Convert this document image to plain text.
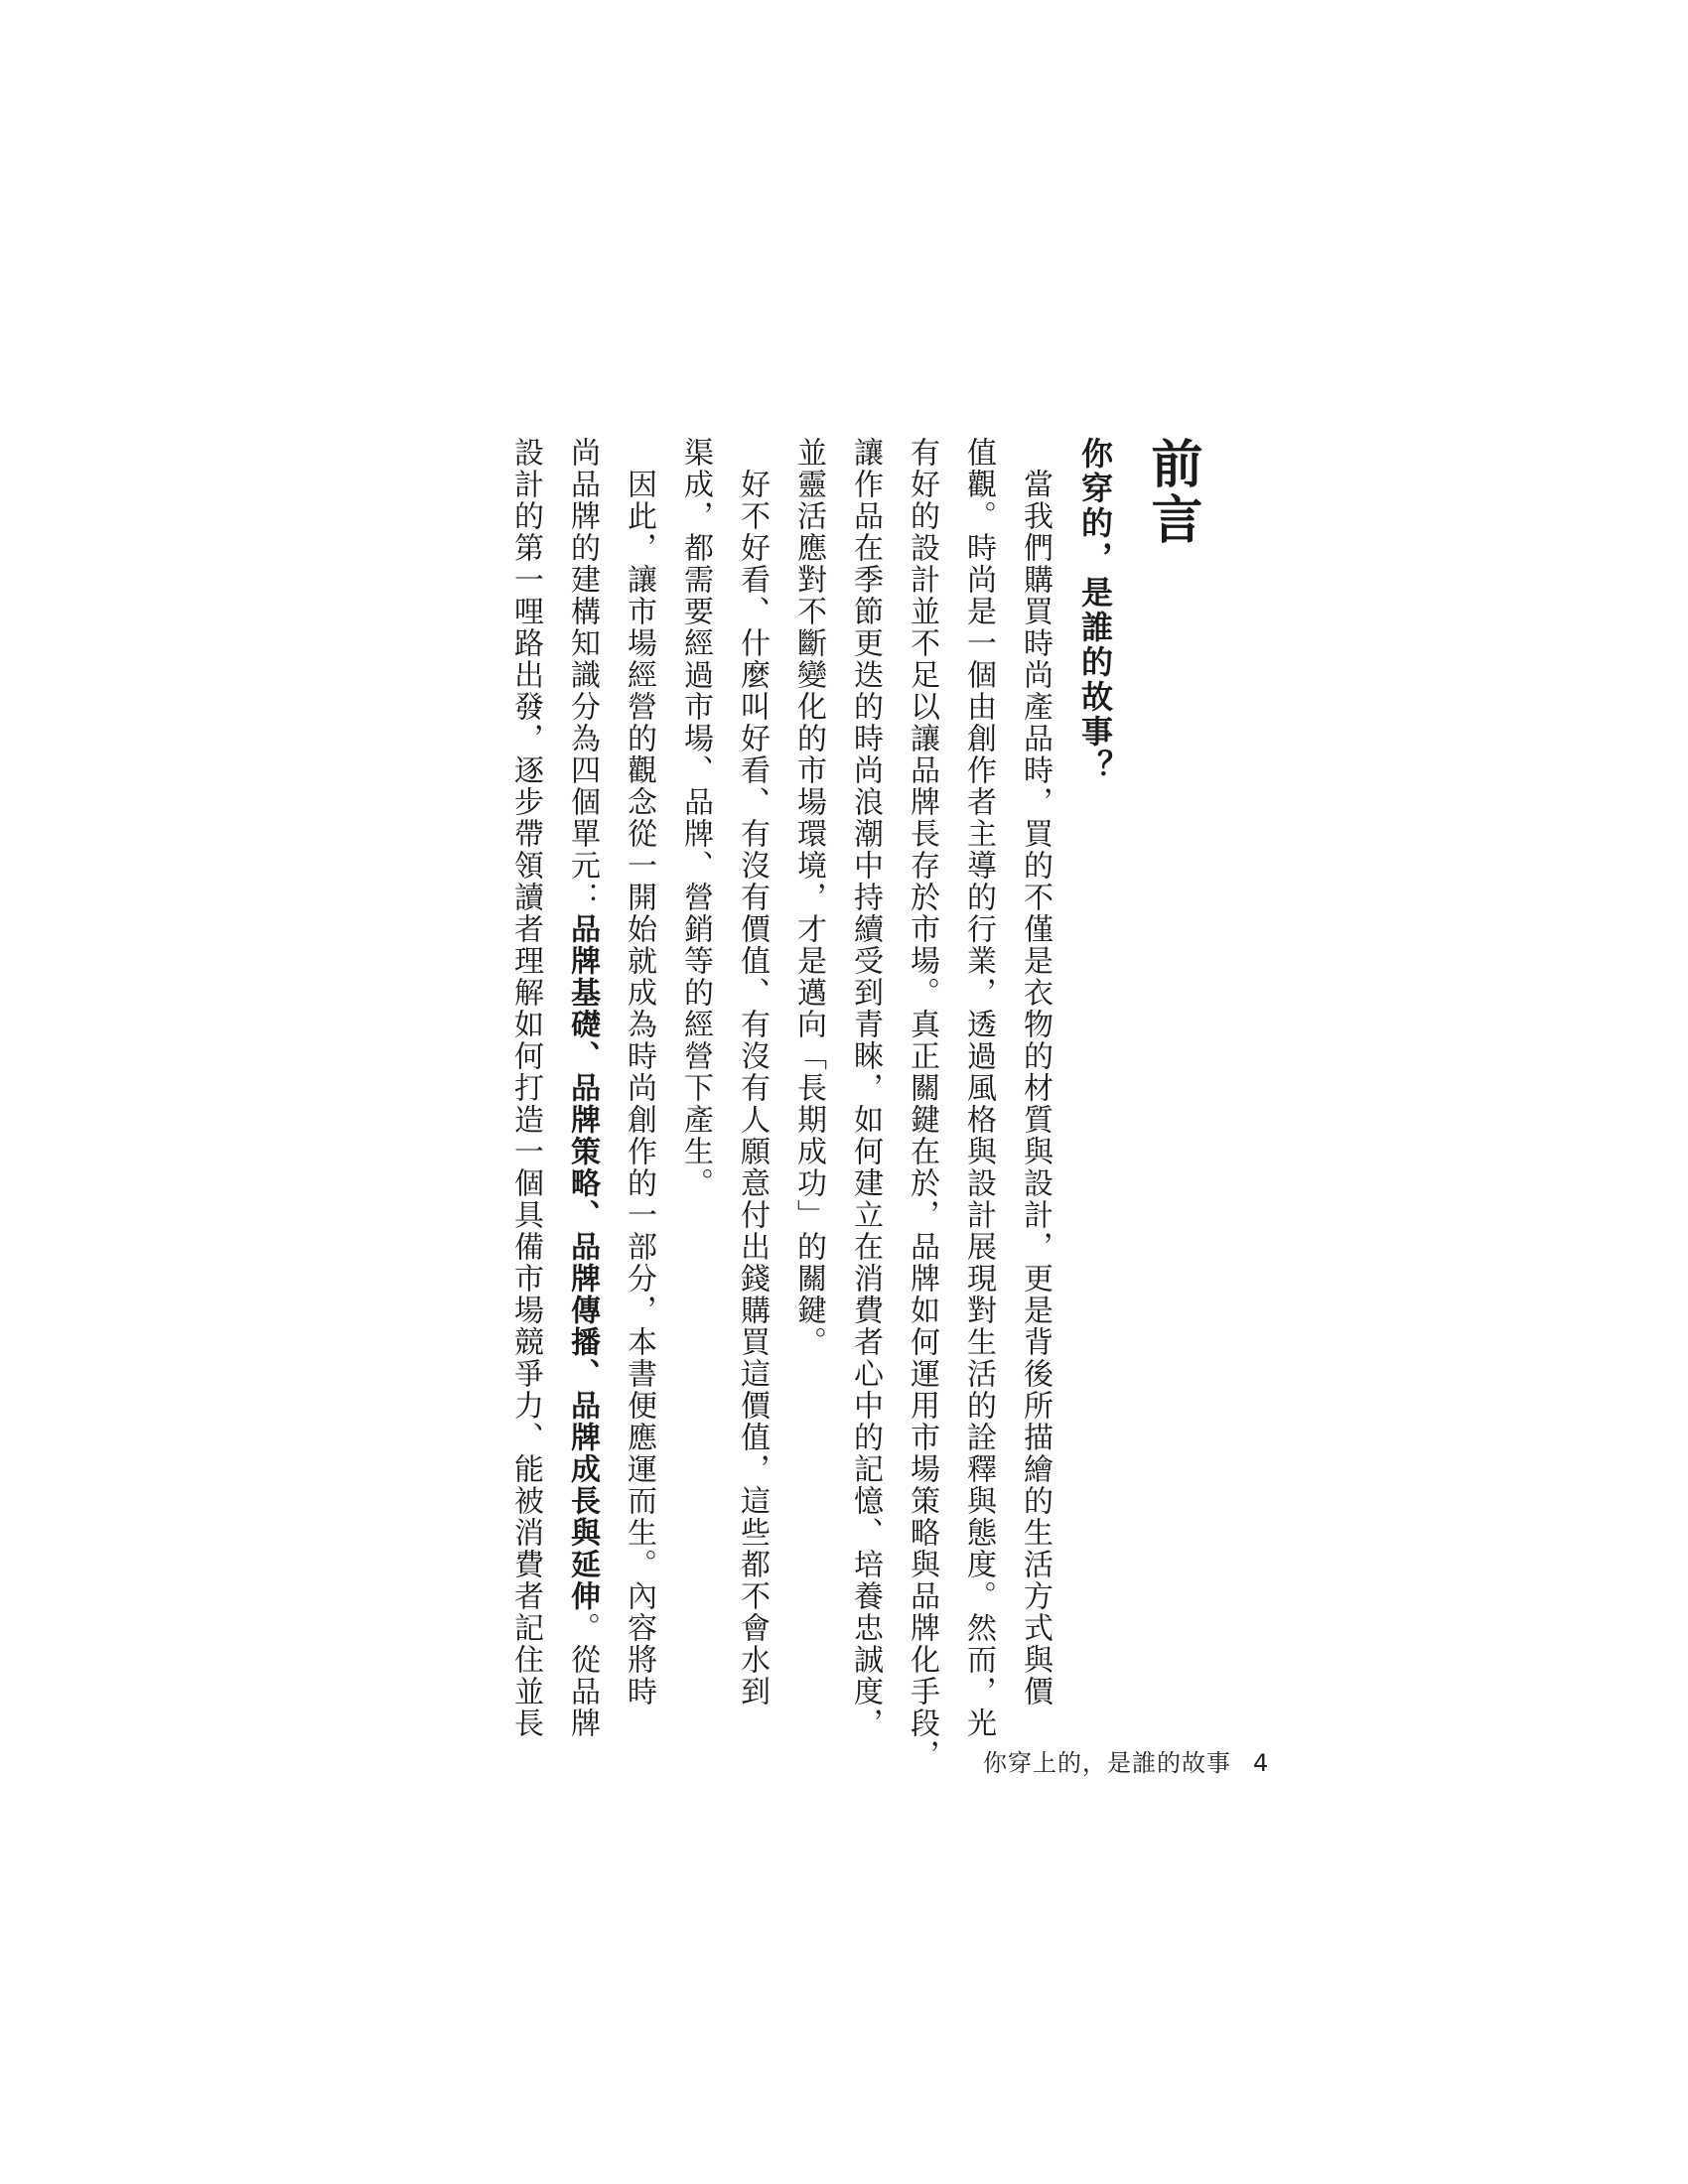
前言
你穿的，是誰的故事？
　當我們購買時尚產品時，買的不僅是衣物的材質與設計，更是背後所描繪的生活方式與價
值觀。時尚是一個由創作者主導的行業，透過風格與設計展現對生活的詮釋與態度。然而，光
有好的設計並不足以讓品牌長存於市場。真正關鍵在於，品牌如何運用市場策略與品牌化手段，
讓作品在季節更迭的時尚浪潮中持續受到青睞，如何建立在消費者心中的記憶、培養忠誠度，
並靈活應對不斷變化的市場環境，才是邁向「長期成功」的關鍵。
　好不好看、什麼叫好看、有沒有價值、有沒有人願意付出錢購買這價值，這些都不會水到
渠成，都需要經過市場、品牌、營銷等的經營下產生。
　因此，讓市場經營的觀念從一開始就成為時尚創作的一部分，本書便應運而生。內容將時
尚品牌的建構知識分為四個單元：品牌基礎、品牌策略、品牌傳播、品牌成長與延伸。從品牌
設計的第一哩路出發，逐步帶領讀者理解如何打造一個具備市場競爭力、能被消費者記住並長
你穿上的，是誰的故事 4
